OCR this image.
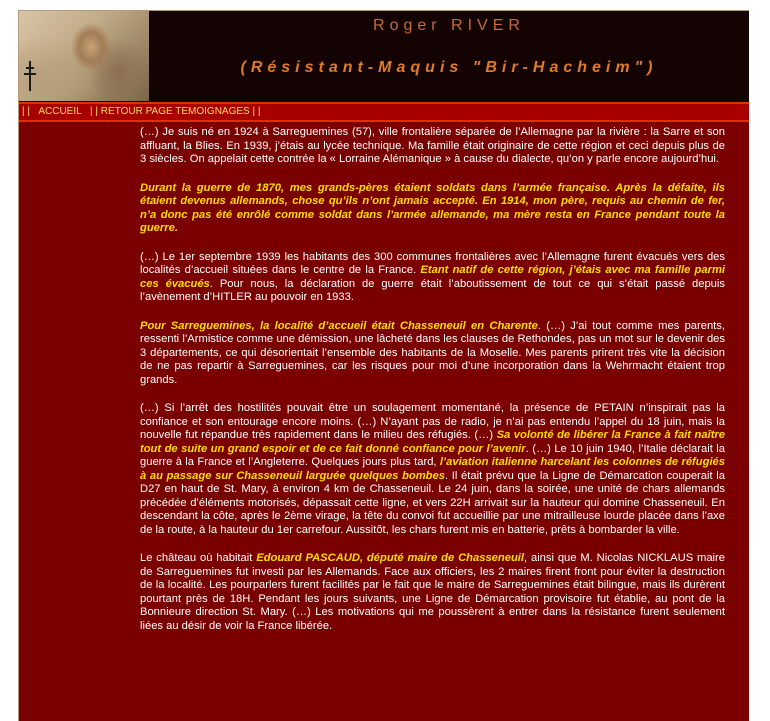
Roger RIVER
(Résistant-Maquis "Bir-Hacheim")
| | ACCUEIL | | RETOUR PAGE TEMOIGNAGES | |

(…) Je suis né en 1924 à Sarreguemines (57), ville frontalière séparée de l’Allemagne par la rivière : la Sarre et son affluant, la Blies. En 1939, j’étais au lycée technique. Ma famille était originaire de cette région et ceci depuis plus de 3 siècles. On appelait cette contrée la « Lorraine Alémanique » à cause du dialecte, qu’on y parle encore aujourd’hui.

Durant la guerre de 1870, mes grands-pères étaient soldats dans l’armée française. Après la défaite, ils étaient devenus allemands, chose qu’ils n’ont jamais accepté. En 1914, mon père, requis au chemin de fer, n’a donc pas été enrôlé comme soldat dans l’armée allemande, ma mère resta en France pendant toute la guerre.

(…) Le 1er septembre 1939 les habitants des 300 communes frontalières avec l’Allemagne furent évacués vers des localités d’accueil situées dans le centre de la France. Etant natif de cette région, j’étais avec ma famille parmi ces évacués. Pour nous, la déclaration de guerre était l’aboutissement de tout ce qui s’était passé depuis l’avènement d’HITLER au pouvoir en 1933.

Pour Sarreguemines, la localité d’accueil était Chasseneuil en Charente. (…) J’ai tout comme mes parents, ressenti l’Armistice comme une démission, une lâcheté dans les clauses de Rethondes, pas un mot sur le devenir des 3 départements, ce qui désorientait l’ensemble des habitants de la Moselle. Mes parents prirent très vite la décision de ne pas repartir à Sarreguemines, car les risques pour moi d’une incorporation dans la Wehrmacht étaient trop grands.

(…) Si l’arrêt des hostilités pouvait être un soulagement momentané, la présence de PETAIN n’inspirait pas la confiance et son entourage encore moins. (…) N’ayant pas de radio, je n’ai pas entendu l’appel du 18 juin, mais la nouvelle fut répandue très rapidement dans le milieu des réfugiés. (…) Sa volonté de libérer la France à fait naître tout de suite un grand espoir et de ce fait donné confiance pour l’avenir. (…) Le 10 juin 1940, l’Italie déclarait la guerre à la France et l’Angleterre. Quelques jours plus tard, l’aviation italienne harcelant les colonnes de réfugiés à au passage sur Chasseneuil larguée quelques bombes. Il était prévu que la Ligne de Démarcation couperait la D27 en haut de St. Mary, à environ 4 km de Chasseneuil. Le 24 juin, dans la soirée, une unité de chars allemands précédée d’éléments motorisés, dépassait cette ligne, et vers 22H arrivait sur la hauteur qui domine Chasseneuil. En descendant la côte, après le 2ème virage, la tête du convoi fut accueillie par une mitrailleuse lourde placée dans l’axe de la route, à la hauteur du 1er carrefour. Aussitôt, les chars furent mis en batterie, prêts à bombarder la ville.

Le château où habitait Edouard PASCAUD, député maire de Chasseneuil, ainsi que M. Nicolas NICKLAUS maire de Sarreguemines fut investi par les Allemands. Face aux officiers, les 2 maires firent front pour éviter la destruction de la localité. Les pourparlers furent facilités par le fait que le maire de Sarreguemines était bilingue, mais ils durèrent pourtant près de 18H. Pendant les jours suivants, une Ligne de Démarcation provisoire fut établie, au pont de la Bonnieure direction St. Mary. (…) Les motivations qui me poussèrent à entrer dans la résistance furent seulement liées au désir de voir la France libérée.
